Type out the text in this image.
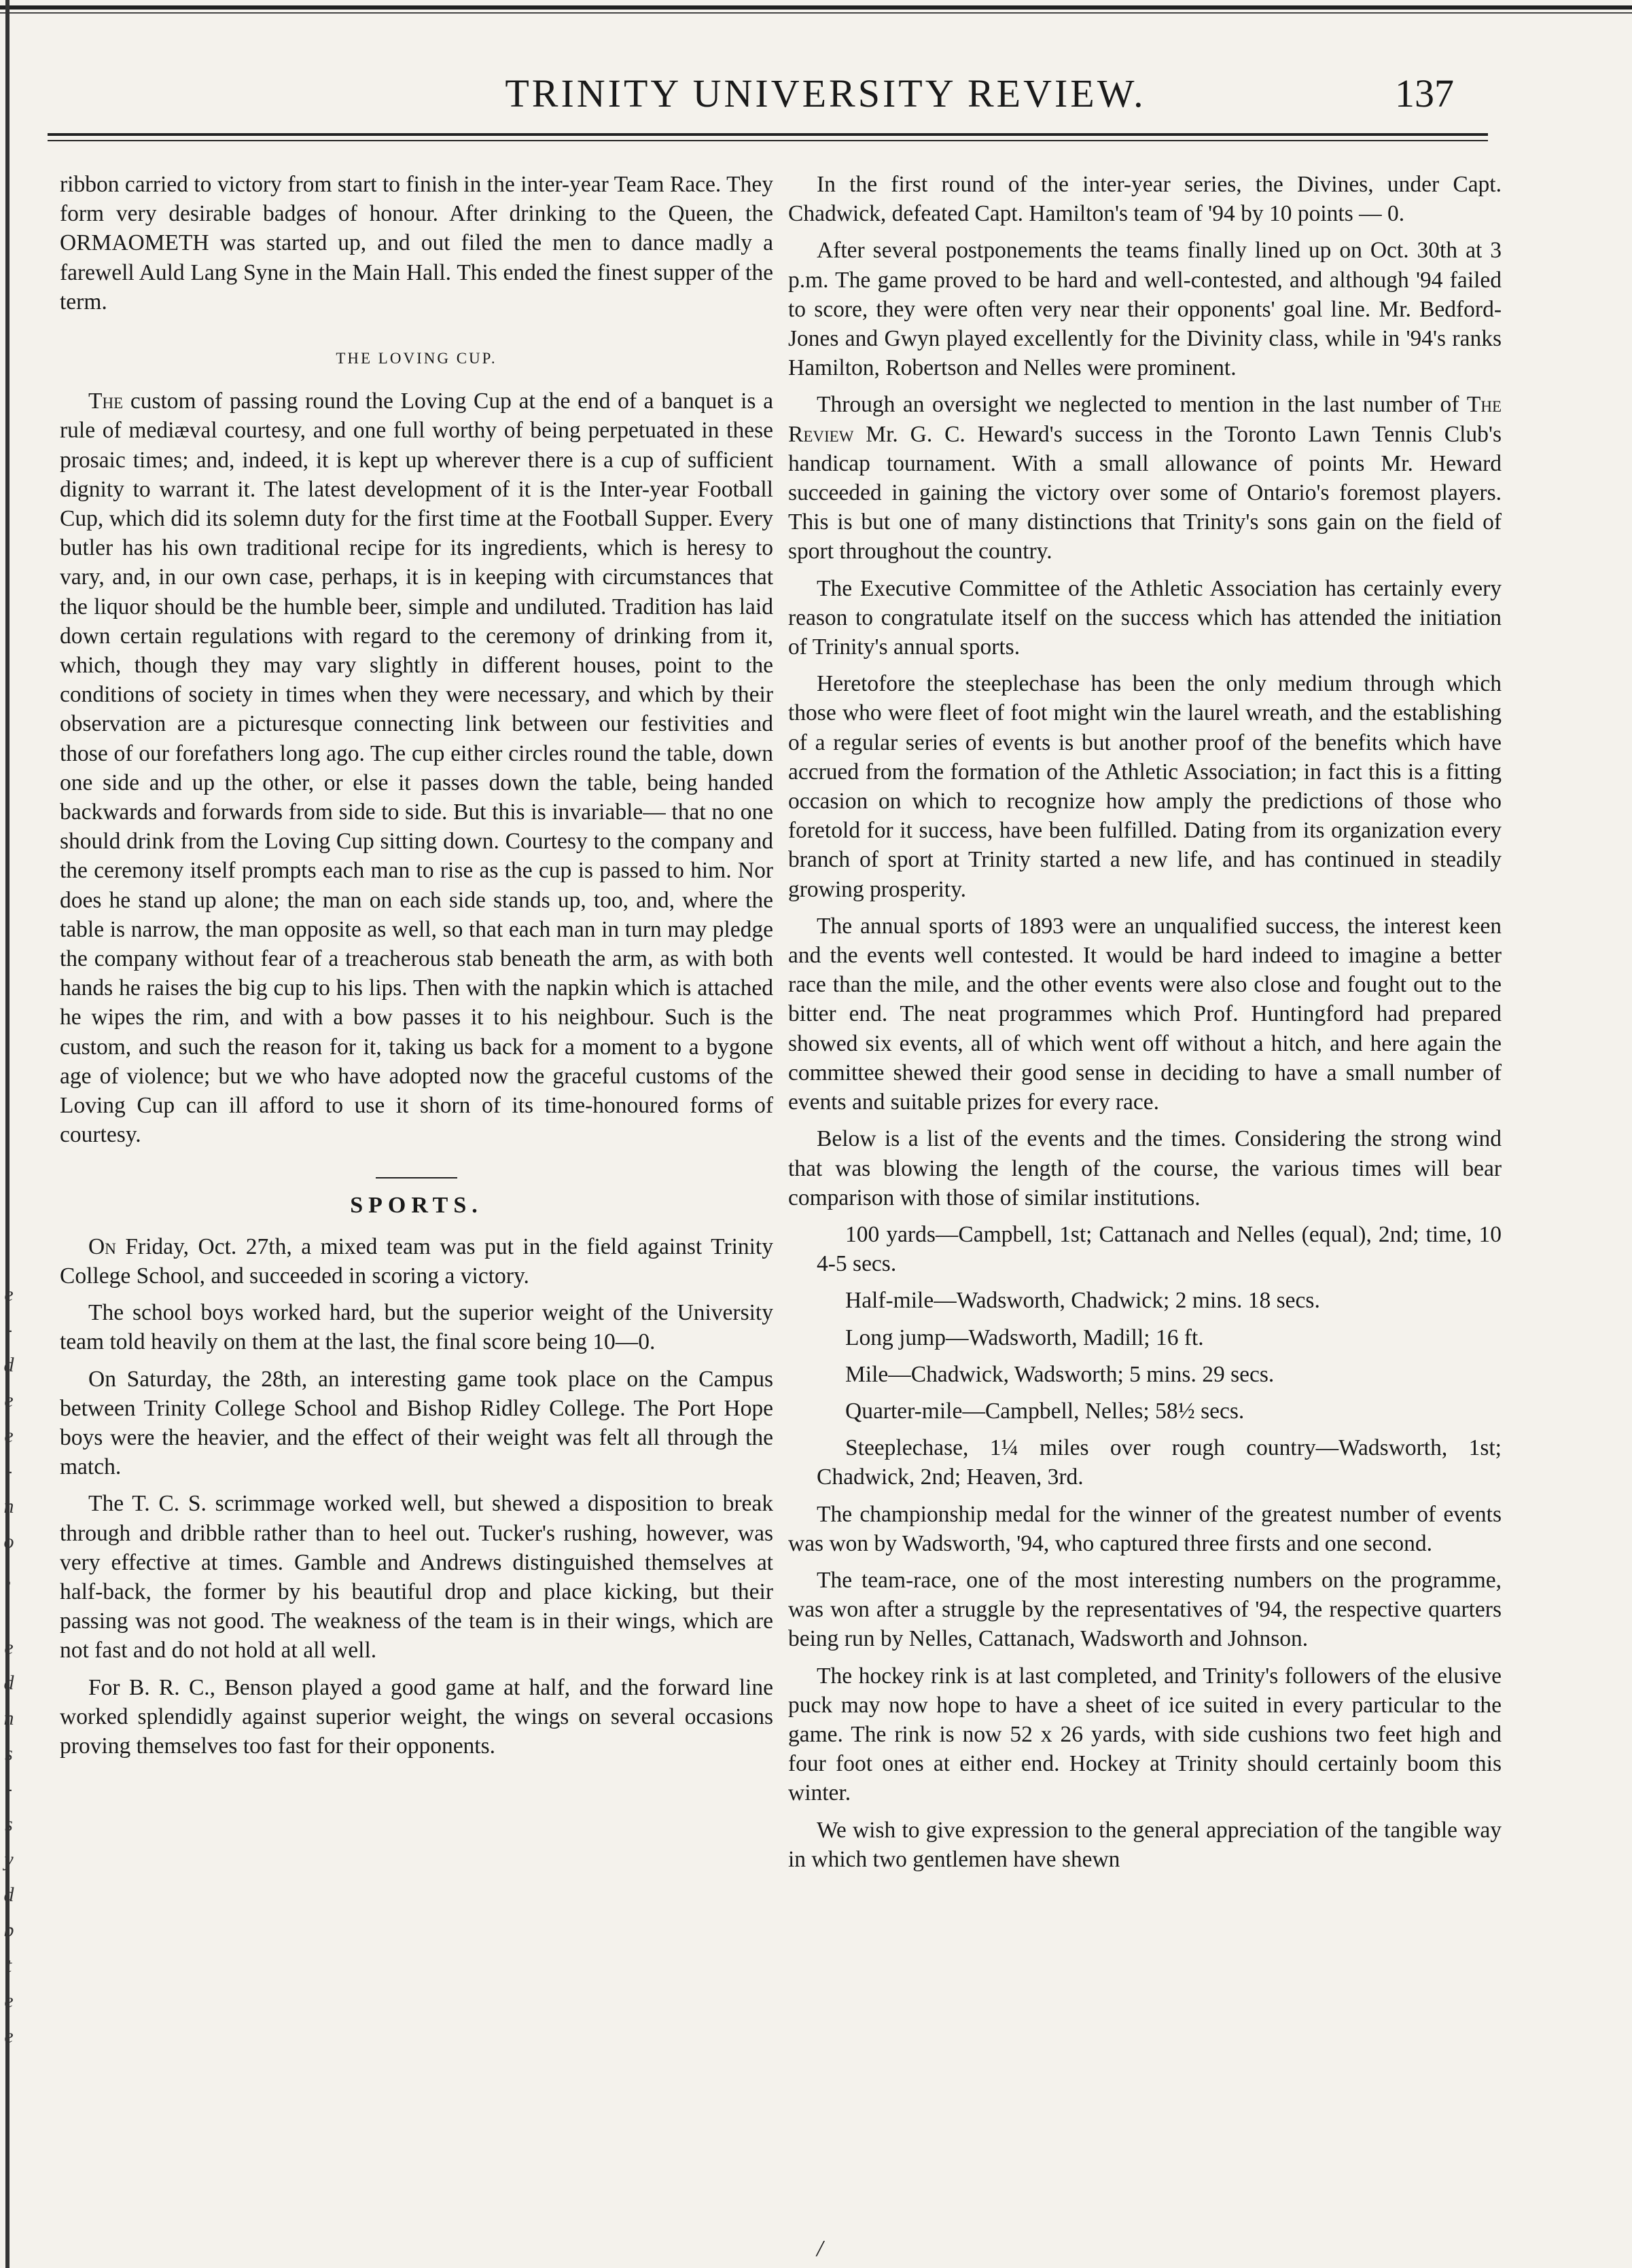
e
-
d
e
e
-
n
o
,
.
e
d
n
s
-
s
y
d
b
t
e
e
TRINITY UNIVERSITY REVIEW.	137

ribbon carried to victory from start to finish in the inter-year Team Race. They form very desirable badges of honour. After drinking to the Queen, the ORMAOMETH was started up, and out filed the men to dance madly a farewell Auld Lang Syne in the Main Hall. This ended the finest supper of the term.

THE LOVING CUP.

The custom of passing round the Loving Cup at the end of a banquet is a rule of mediæval courtesy, and one full worthy of being perpetuated in these prosaic times; and, indeed, it is kept up wherever there is a cup of sufficient dignity to warrant it. The latest development of it is the Inter-year Football Cup, which did its solemn duty for the first time at the Football Supper. Every butler has his own traditional recipe for its ingredients, which is heresy to vary, and, in our own case, perhaps, it is in keeping with circumstances that the liquor should be the humble beer, simple and undiluted. Tradition has laid down certain regulations with regard to the ceremony of drinking from it, which, though they may vary slightly in different houses, point to the conditions of society in times when they were necessary, and which by their observation are a picturesque connecting link between our festivities and those of our forefathers long ago. The cup either circles round the table, down one side and up the other, or else it passes down the table, being handed backwards and forwards from side to side. But this is invariable— that no one should drink from the Loving Cup sitting down. Courtesy to the company and the ceremony itself prompts each man to rise as the cup is passed to him. Nor does he stand up alone; the man on each side stands up, too, and, where the table is narrow, the man opposite as well, so that each man in turn may pledge the company without fear of a treacherous stab beneath the arm, as with both hands he raises the big cup to his lips. Then with the napkin which is attached he wipes the rim, and with a bow passes it to his neighbour. Such is the custom, and such the reason for it, taking us back for a moment to a bygone age of violence; but we who have adopted now the graceful customs of the Loving Cup can ill afford to use it shorn of its time-honoured forms of courtesy.

SPORTS.

On Friday, Oct. 27th, a mixed team was put in the field against Trinity College School, and succeeded in scoring a victory.

The school boys worked hard, but the superior weight of the University team told heavily on them at the last, the final score being 10—0.

On Saturday, the 28th, an interesting game took place on the Campus between Trinity College School and Bishop Ridley College. The Port Hope boys were the heavier, and the effect of their weight was felt all through the match.

The T. C. S. scrimmage worked well, but shewed a disposition to break through and dribble rather than to heel out. Tucker's rushing, however, was very effective at times. Gamble and Andrews distinguished themselves at half-back, the former by his beautiful drop and place kicking, but their passing was not good. The weakness of the team is in their wings, which are not fast and do not hold at all well.

For B. R. C., Benson played a good game at half, and the forward line worked splendidly against superior weight, the wings on several occasions proving themselves too fast for their opponents.

In the first round of the inter-year series, the Divines, under Capt. Chadwick, defeated Capt. Hamilton's team of '94 by 10 points — 0.

After several postponements the teams finally lined up on Oct. 30th at 3 p.m. The game proved to be hard and well-contested, and although '94 failed to score, they were often very near their opponents' goal line. Mr. Bedford-Jones and Gwyn played excellently for the Divinity class, while in '94's ranks Hamilton, Robertson and Nelles were prominent.

Through an oversight we neglected to mention in the last number of The Review Mr. G. C. Heward's success in the Toronto Lawn Tennis Club's handicap tournament. With a small allowance of points Mr. Heward succeeded in gaining the victory over some of Ontario's foremost players. This is but one of many distinctions that Trinity's sons gain on the field of sport throughout the country.

The Executive Committee of the Athletic Association has certainly every reason to congratulate itself on the success which has attended the initiation of Trinity's annual sports.

Heretofore the steeplechase has been the only medium through which those who were fleet of foot might win the laurel wreath, and the establishing of a regular series of events is but another proof of the benefits which have accrued from the formation of the Athletic Association; in fact this is a fitting occasion on which to recognize how amply the predictions of those who foretold for it success, have been fulfilled. Dating from its organization every branch of sport at Trinity started a new life, and has continued in steadily growing prosperity.

The annual sports of 1893 were an unqualified success, the interest keen and the events well contested. It would be hard indeed to imagine a better race than the mile, and the other events were also close and fought out to the bitter end. The neat programmes which Prof. Huntingford had prepared showed six events, all of which went off without a hitch, and here again the committee shewed their good sense in deciding to have a small number of events and suitable prizes for every race.

Below is a list of the events and the times. Considering the strong wind that was blowing the length of the course, the various times will bear comparison with those of similar institutions.

100 yards—Campbell, 1st; Cattanach and Nelles (equal), 2nd; time, 10 4-5 secs.

Half-mile—Wadsworth, Chadwick; 2 mins. 18 secs.

Long jump—Wadsworth, Madill; 16 ft.

Mile—Chadwick, Wadsworth; 5 mins. 29 secs.

Quarter-mile—Campbell, Nelles; 58½ secs.

Steeplechase, 1¼ miles over rough country—Wadsworth, 1st; Chadwick, 2nd; Heaven, 3rd.

The championship medal for the winner of the greatest number of events was won by Wadsworth, '94, who captured three firsts and one second.

The team-race, one of the most interesting numbers on the programme, was won after a struggle by the representatives of '94, the respective quarters being run by Nelles, Cattanach, Wadsworth and Johnson.

The hockey rink is at last completed, and Trinity's followers of the elusive puck may now hope to have a sheet of ice suited in every particular to the game. The rink is now 52 x 26 yards, with side cushions two feet high and four foot ones at either end. Hockey at Trinity should certainly boom this winter.

We wish to give expression to the general appreciation of the tangible way in which two gentlemen have shewn

/
